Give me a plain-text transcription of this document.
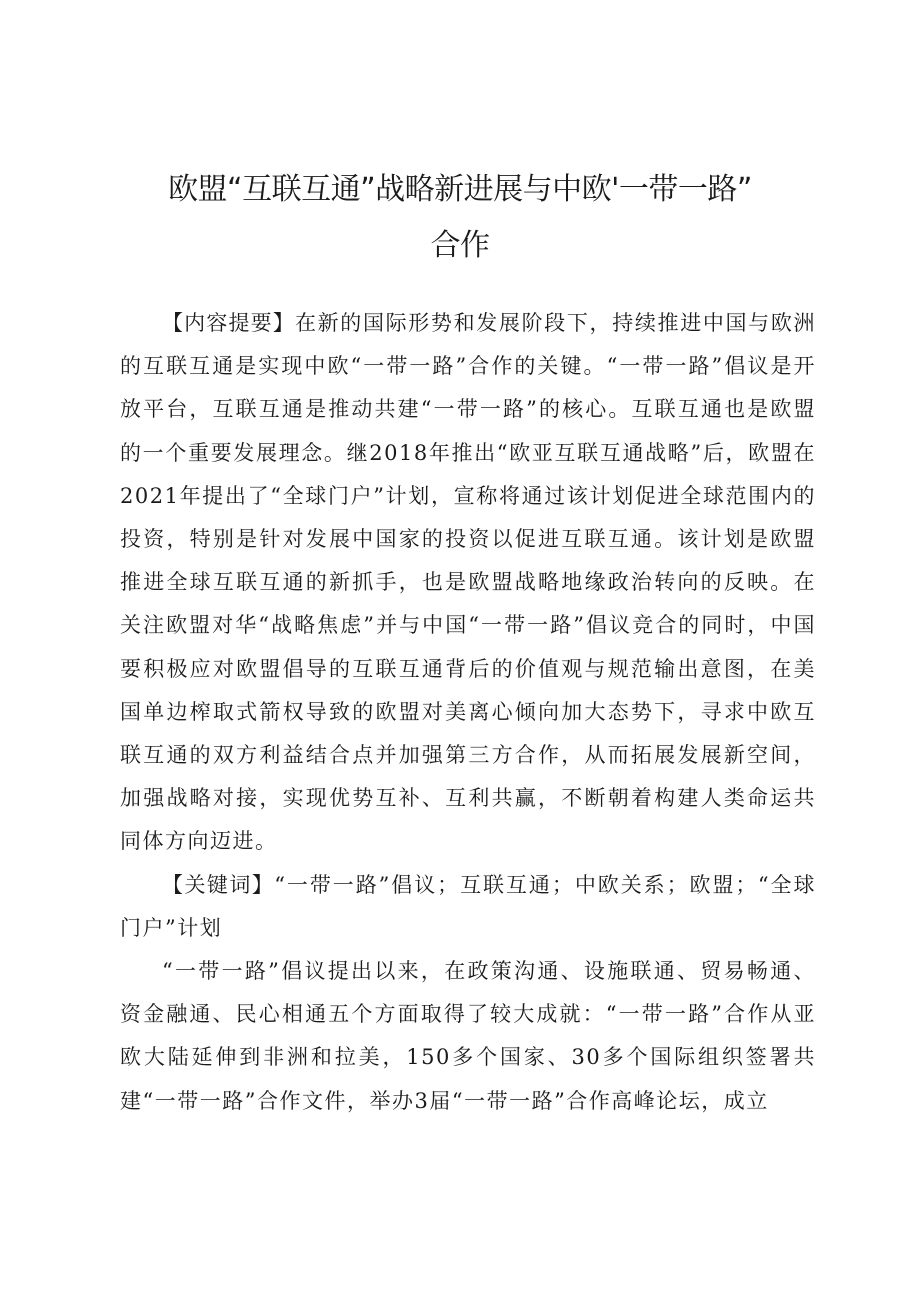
欧盟“互联互通”战略新进展与中欧'一带一路”
合作

【内容提要】在新的国际形势和发展阶段下，持续推进中国与欧洲的互联互通是实现中欧“一带一路”合作的关键。“一带一路”倡议是开放平台，互联互通是推动共建“一带一路”的核心。互联互通也是欧盟的一个重要发展理念。继2018年推出“欧亚互联互通战略”后，欧盟在2021年提出了“全球门户”计划，宣称将通过该计划促进全球范围内的投资，特别是针对发展中国家的投资以促进互联互通。该计划是欧盟推进全球互联互通的新抓手，也是欧盟战略地缘政治转向的反映。在关注欧盟对华“战略焦虑”并与中国“一带一路”倡议竞合的同时，中国要积极应对欧盟倡导的互联互通背后的价值观与规范输出意图，在美国单边榨取式箭权导致的欧盟对美离心倾向加大态势下，寻求中欧互联互通的双方利益结合点并加强第三方合作，从而拓展发展新空间，加强战略对接，实现优势互补、互利共赢，不断朝着构建人类命运共同体方向迈进。

【关键词】“一带一路”倡议；互联互通；中欧关系；欧盟；“全球门户”计划

“一带一路”倡议提出以来，在政策沟通、设施联通、贸易畅通、资金融通、民心相通五个方面取得了较大成就：“一带一路”合作从亚欧大陆延伸到非洲和拉美，150多个国家、30多个国际组织签署共建“一带一路”合作文件，举办3届“一带一路”合作高峰论坛，成立
